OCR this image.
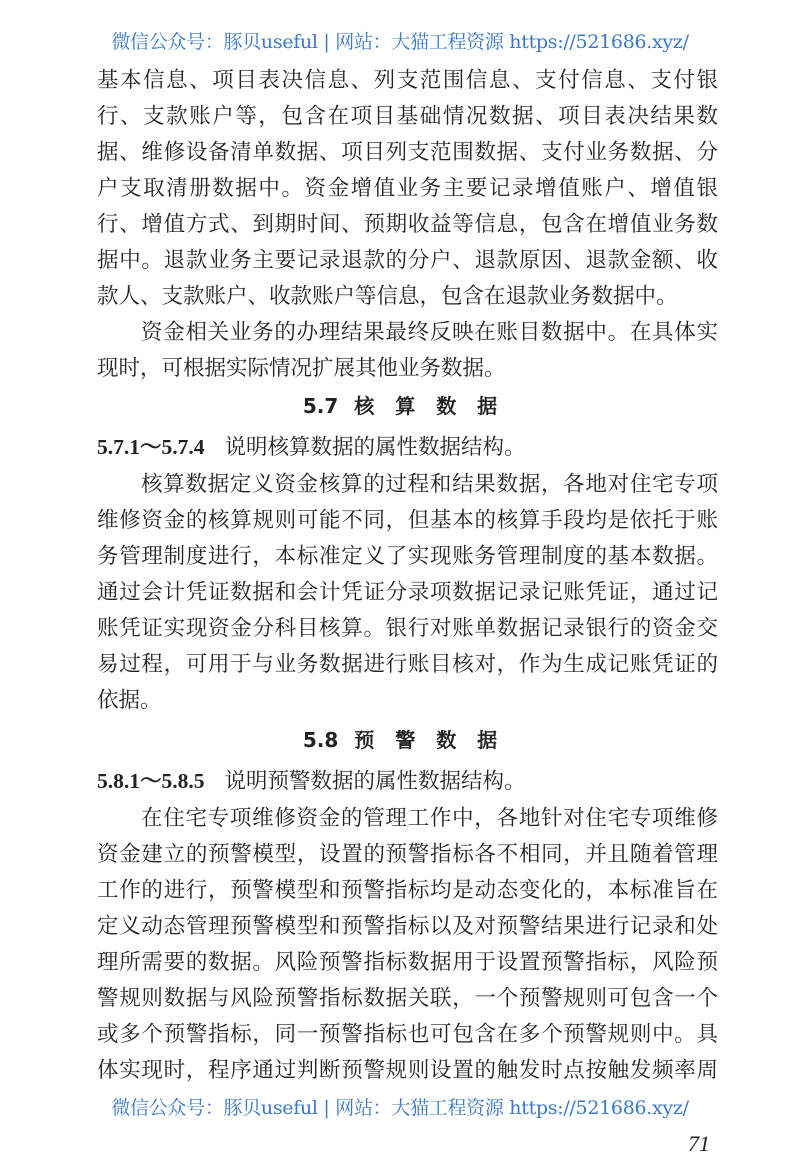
微信公众号：豚贝useful | 网站：大猫工程资源 https://521686.xyz/
基本信息、项目表决信息、列支范围信息、支付信息、支付银
行、支款账户等，包含在项目基础情况数据、项目表决结果数
据、维修设备清单数据、项目列支范围数据、支付业务数据、分
户支取清册数据中。资金增值业务主要记录增值账户、增值银
行、增值方式、到期时间、预期收益等信息，包含在增值业务数
据中。退款业务主要记录退款的分户、退款原因、退款金额、收
款人、支款账户、收款账户等信息，包含在退款业务数据中。
资金相关业务的办理结果最终反映在账目数据中。在具体实
现时，可根据实际情况扩展其他业务数据。
核算数据定义资金核算的过程和结果数据，各地对住宅专项
维修资金的核算规则可能不同，但基本的核算手段均是依托于账
务管理制度进行，本标准定义了实现账务管理制度的基本数据。
通过会计凭证数据和会计凭证分录项数据记录记账凭证，通过记
账凭证实现资金分科目核算。银行对账单数据记录银行的资金交
易过程，可用于与业务数据进行账目核对，作为生成记账凭证的
依据。
在住宅专项维修资金的管理工作中，各地针对住宅专项维修
资金建立的预警模型，设置的预警指标各不相同，并且随着管理
工作的进行，预警模型和预警指标均是动态变化的，本标准旨在
定义动态管理预警模型和预警指标以及对预警结果进行记录和处
理所需要的数据。风险预警指标数据用于设置预警指标，风险预
警规则数据与风险预警指标数据关联，一个预警规则可包含一个
或多个预警指标，同一预警指标也可包含在多个预警规则中。具
体实现时，程序通过判断预警规则设置的触发时点按触发频率周
5.7 核 算 数 据
5.7.1～5.7.4 说明核算数据的属性数据结构。
5.8 预 警 数 据
5.8.1～5.8.5 说明预警数据的属性数据结构。
微信公众号：豚贝useful | 网站：大猫工程资源 https://521686.xyz/
71
